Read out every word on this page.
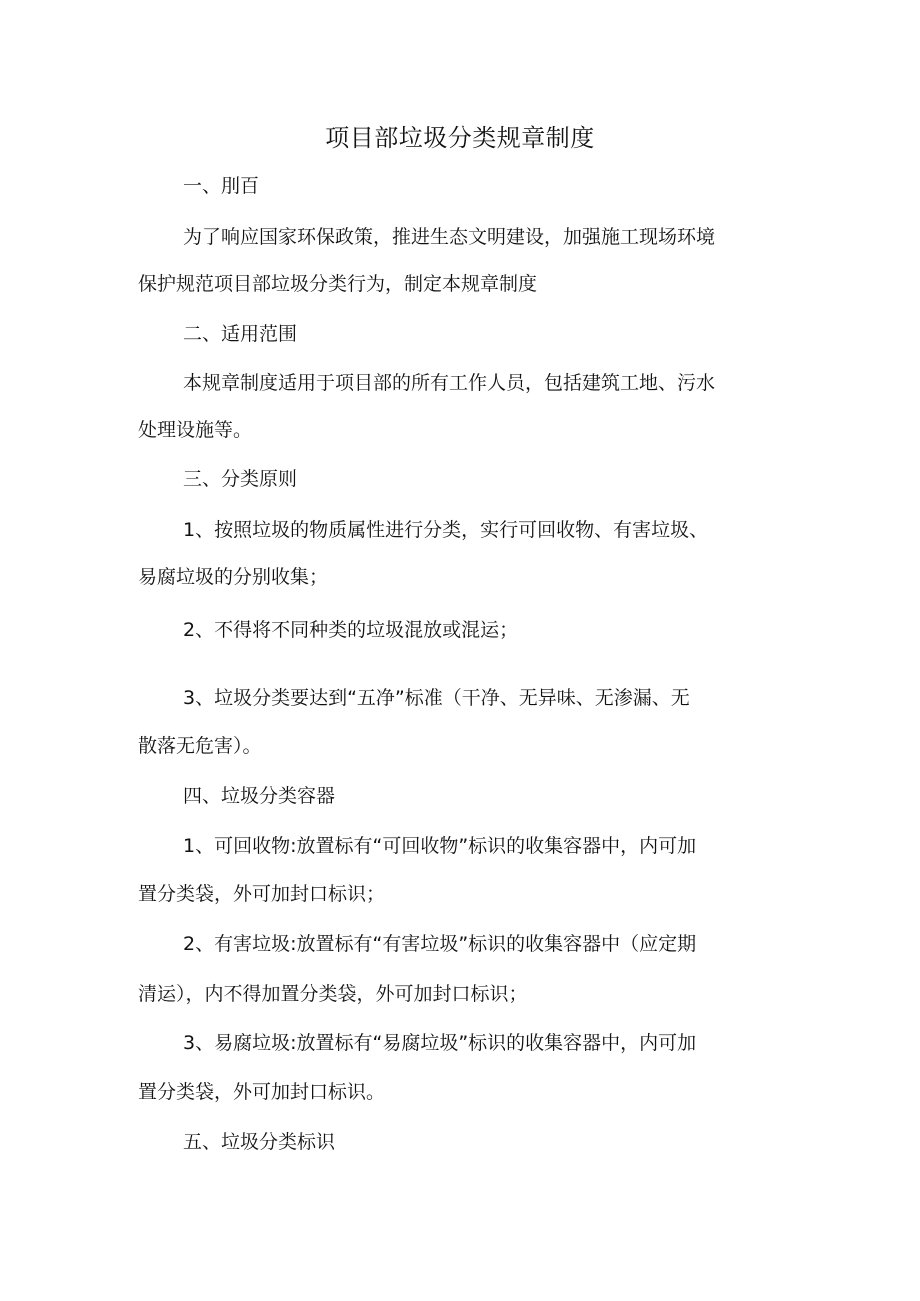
项目部垃圾分类规章制度
一、刖百
为了响应国家环保政策，推进生态文明建设，加强施工现场环境
保护规范项目部垃圾分类行为，制定本规章制度
二、适用范围
本规章制度适用于项目部的所有工作人员，包括建筑工地、污水
处理设施等。
三、分类原则
1、按照垃圾的物质属性进行分类，实行可回收物、有害垃圾、
易腐垃圾的分别收集；
2、不得将不同种类的垃圾混放或混运；
3、垃圾分类要达到“五净”标准（干净、无异味、无渗漏、无
散落无危害）。
四、垃圾分类容器
1、可回收物:放置标有“可回收物”标识的收集容器中，内可加
置分类袋，外可加封口标识；
2、有害垃圾:放置标有“有害垃圾”标识的收集容器中（应定期
清运），内不得加置分类袋，外可加封口标识；
3、易腐垃圾:放置标有“易腐垃圾”标识的收集容器中，内可加
置分类袋，外可加封口标识。
五、垃圾分类标识
